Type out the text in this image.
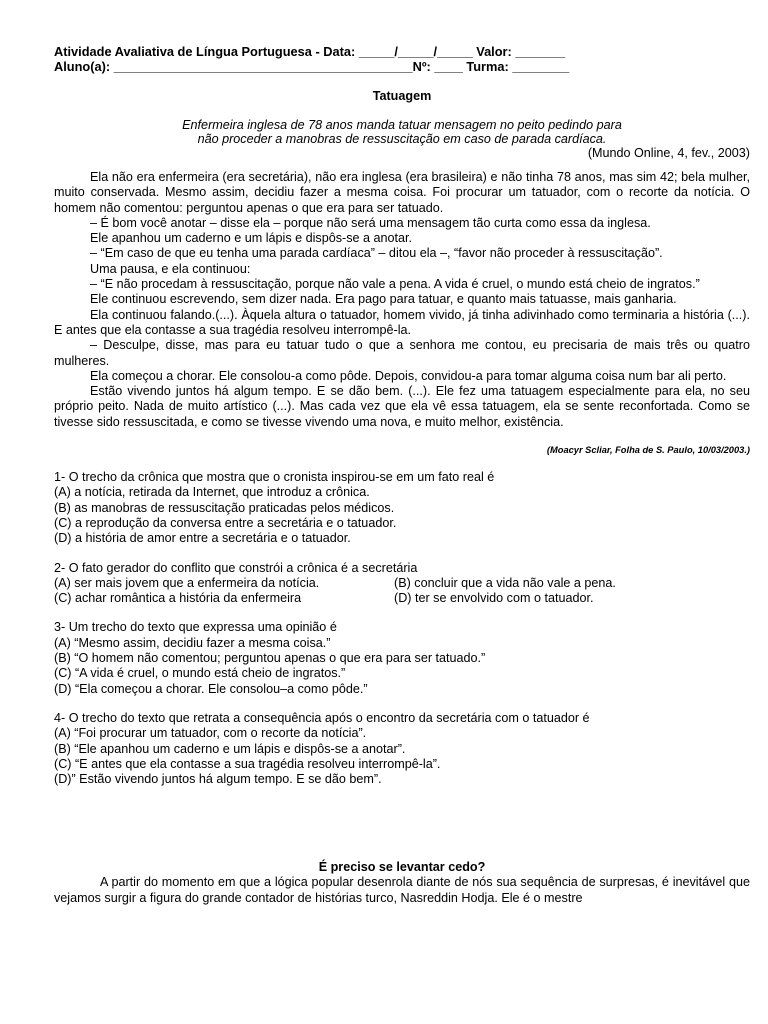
Atividade Avaliativa de Língua Portuguesa - Data: _____/_____/_____ Valor: _______
Aluno(a): __________________________________________Nº: ____ Turma: ________
Tatuagem
Enfermeira inglesa de 78 anos manda tatuar mensagem no peito pedindo para
não proceder a manobras de ressuscitação em caso de parada cardíaca.
(Mundo Online, 4, fev., 2003)

Ela não era enfermeira (era secretária), não era inglesa (era brasileira) e não tinha 78 anos, mas sim 42; bela mulher, muito conservada. Mesmo assim, decidiu fazer a mesma coisa. Foi procurar um tatuador, com o recorte da notícia. O homem não comentou: perguntou apenas o que era para ser tatuado.

– É bom você anotar – disse ela – porque não será uma mensagem tão curta como essa da inglesa.

Ele apanhou um caderno e um lápis e dispôs-se a anotar.

– “Em caso de que eu tenha uma parada cardíaca” – ditou ela –, “favor não proceder à ressuscitação”.

Uma pausa, e ela continuou:

– “E não procedam à ressuscitação, porque não vale a pena. A vida é cruel, o mundo está cheio de ingratos.”

Ele continuou escrevendo, sem dizer nada. Era pago para tatuar, e quanto mais tatuasse, mais ganharia.

Ela continuou falando.(...). Àquela altura o tatuador, homem vivido, já tinha adivinhado como terminaria a história (...). E antes que ela contasse a sua tragédia resolveu interrompê-la.

– Desculpe, disse, mas para eu tatuar tudo o que a senhora me contou, eu precisaria de mais três ou quatro mulheres.

Ela começou a chorar. Ele consolou-a como pôde. Depois, convidou-a para tomar alguma coisa num bar ali perto.

Estão vivendo juntos há algum tempo. E se dão bem. (...). Ele fez uma tatuagem especialmente para ela, no seu próprio peito. Nada de muito artístico (...). Mas cada vez que ela vê essa tatuagem, ela se sente reconfortada. Como se tivesse sido ressuscitada, e como se tivesse vivendo uma nova, e muito melhor, existência.

(Moacyr Scliar, Folha de S. Paulo, 10/03/2003.)
1- O trecho da crônica que mostra que o cronista inspirou-se em um fato real é
(A) a notícia, retirada da Internet, que introduz a crônica.
(B) as manobras de ressuscitação praticadas pelos médicos.
(C) a reprodução da conversa entre a secretária e o tatuador.
(D) a história de amor entre a secretária e o tatuador.
2- O fato gerador do conflito que constrói a crônica é a secretária
(A) ser mais jovem que a enfermeira da notícia.	(B) concluir que a vida não vale a pena.
(C) achar romântica a história da enfermeira	(D) ter se envolvido com o tatuador.
3- Um trecho do texto que expressa uma opinião é
(A) “Mesmo assim, decidiu fazer a mesma coisa.”
(B) “O homem não comentou; perguntou apenas o que era para ser tatuado.”
(C) “A vida é cruel, o mundo está cheio de ingratos.”
(D) “Ela começou a chorar. Ele consolou–a como pôde.”
4- O trecho do texto que retrata a consequência após o encontro da secretária com o tatuador é
(A) “Foi procurar um tatuador, com o recorte da notícia”.
(B) “Ele apanhou um caderno e um lápis e dispôs-se a anotar”.
(C) “E antes que ela contasse a sua tragédia resolveu interrompê-la”.
(D)” Estão vivendo juntos há algum tempo. E se dão bem”.
É preciso se levantar cedo?

A partir do momento em que a lógica popular desenrola diante de nós sua sequência de surpresas, é inevitável que vejamos surgir a figura do grande contador de histórias turco, Nasreddin Hodja. Ele é o mestre
